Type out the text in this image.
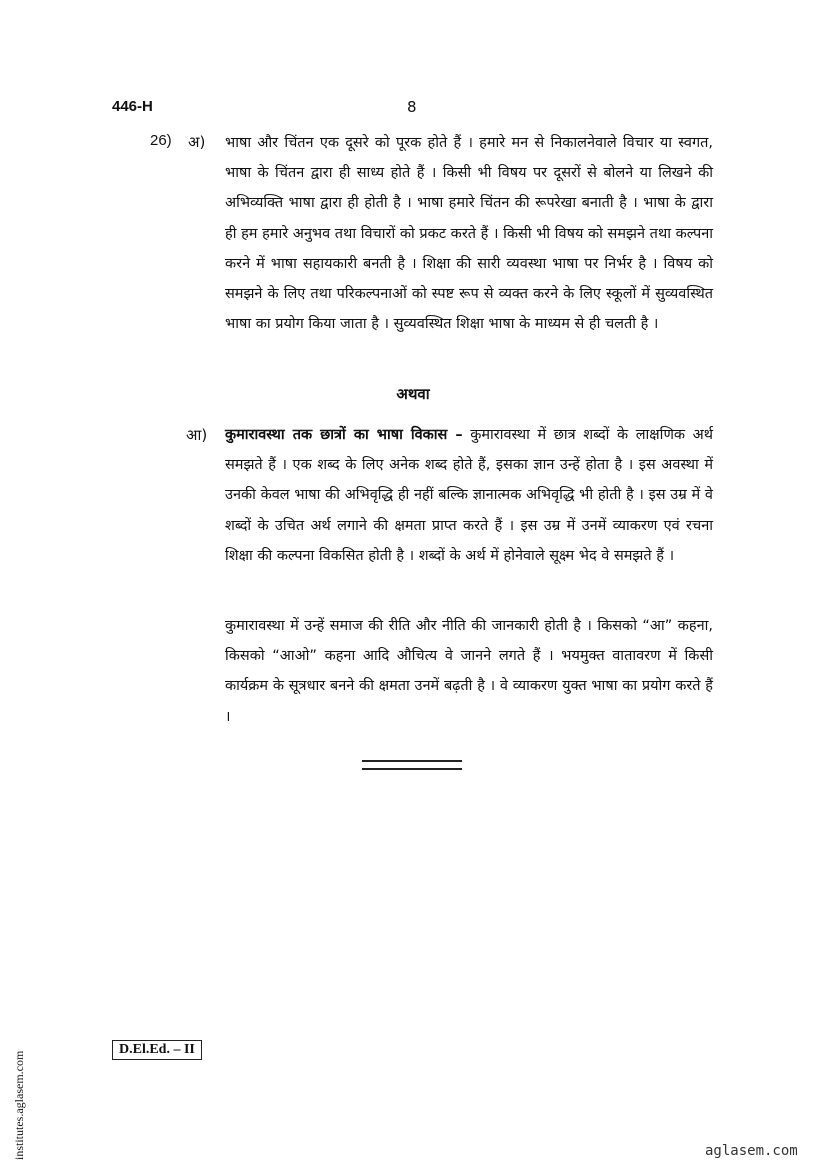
446-H	8
26) अ) भाषा और चिंतन एक दूसरे को पूरक होते हैं । हमारे मन से निकालनेवाले विचार या स्वगत, भाषा के चिंतन द्वारा ही साध्य होते हैं । किसी भी विषय पर दूसरों से बोलने या लिखने की अभिव्यक्ति भाषा द्वारा ही होती है । भाषा हमारे चिंतन की रूपरेखा बनाती है । भाषा के द्वारा ही हम हमारे अनुभव तथा विचारों को प्रकट करते हैं । किसी भी विषय को समझने तथा कल्पना करने में भाषा सहायकारी बनती है । शिक्षा की सारी व्यवस्था भाषा पर निर्भर है । विषय को समझने के लिए तथा परिकल्पनाओं को स्पष्ट रूप से व्यक्त करने के लिए स्कूलों में सुव्यवस्थित भाषा का प्रयोग किया जाता है । सुव्यवस्थित शिक्षा भाषा के माध्यम से ही चलती है ।

अथवा
आ) कुमारावस्था तक छात्रों का भाषा विकास – कुमारावस्था में छात्र शब्दों के लाक्षणिक अर्थ समझते हैं । एक शब्द के लिए अनेक शब्द होते हैं, इसका ज्ञान उन्हें होता है । इस अवस्था में उनकी केवल भाषा की अभिवृद्धि ही नहीं बल्कि ज्ञानात्मक अभिवृद्धि भी होती है । इस उम्र में वे शब्दों के उचित अर्थ लगाने की क्षमता प्राप्त करते हैं । इस उम्र में उनमें व्याकरण एवं रचना शिक्षा की कल्पना विकसित होती है । शब्दों के अर्थ में होनेवाले सूक्ष्म भेद वे समझते हैं ।

कुमारावस्था में उन्हें समाज की रीति और नीति की जानकारी होती है । किसको “आ” कहना, किसको “आओ” कहना आदि औचित्य वे जानने लगते हैं । भयमुक्त वातावरण में किसी कार्यक्रम के सूत्रधार बनने की क्षमता उनमें बढ़ती है । वे व्याकरण युक्त भाषा का प्रयोग करते हैं ।

D.El.Ed. – II
institutes.aglasem.com	aglasem.com
